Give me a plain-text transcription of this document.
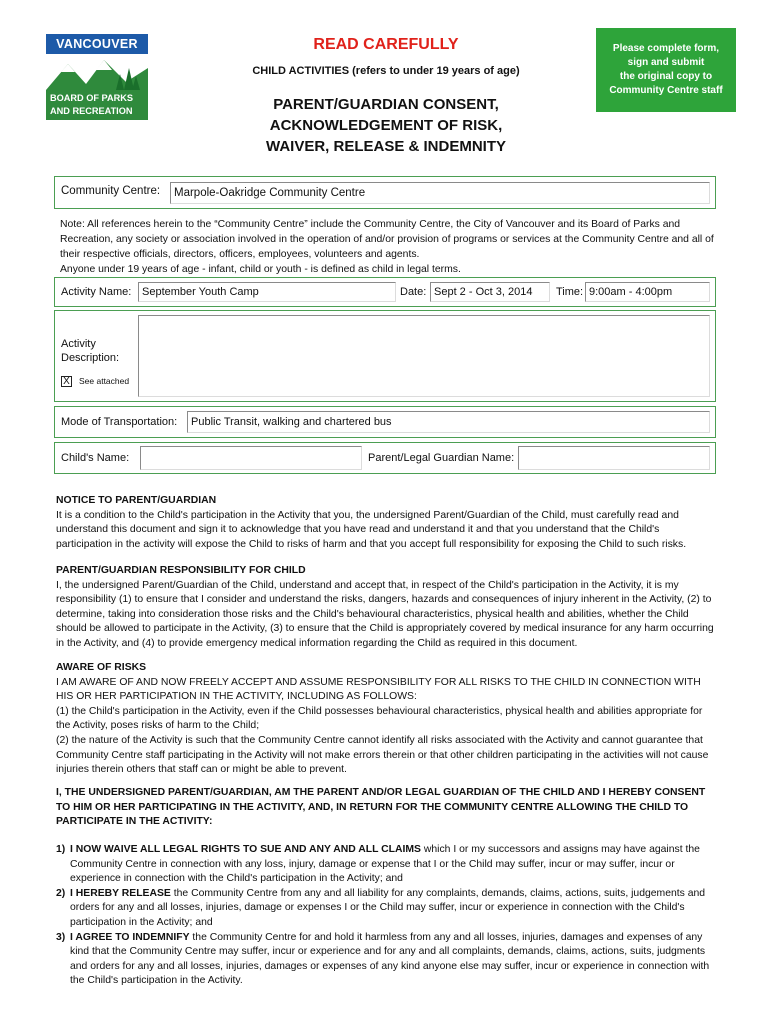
VANCOUVER
BOARD OF PARKS
AND RECREATION
READ CAREFULLY
CHILD ACTIVITIES (refers to under 19 years of age)
PARENT/GUARDIAN CONSENT,
ACKNOWLEDGEMENT OF RISK,
WAIVER, RELEASE & INDEMNITY
Please complete form,
sign and submit
the original copy to
Community Centre staff
Community Centre:	Marpole-Oakridge Community Centre
Note: All references herein to the “Community Centre” include the Community Centre, the City of Vancouver and its Board of Parks and Recreation, any society or association involved in the operation of and/or provision of programs or services at the Community Centre and all of their respective officials, directors, officers, employees, volunteers and agents.
Anyone under 19 years of age - infant, child or youth - is defined as child in legal terms.
Activity Name: September Youth Camp	Date: Sept 2 - Oct 3, 2014	Time: 9:00am - 4:00pm
Activity
Description:
X See attached
Mode of Transportation:	Public Transit, walking and chartered bus
Child's Name:	Parent/Legal Guardian Name:
NOTICE TO PARENT/GUARDIAN

It is a condition to the Child's participation in the Activity that you, the undersigned Parent/Guardian of the Child, must carefully read and understand this document and sign it to acknowledge that you have read and understand it and that you understand that the Child's participation in the activity will expose the Child to risks of harm and that you accept full responsibility for exposing the Child to such risks.

PARENT/GUARDIAN RESPONSIBILITY FOR CHILD

I, the undersigned Parent/Guardian of the Child, understand and accept that, in respect of the Child's participation in the Activity, it is my responsibility (1) to ensure that I consider and understand the risks, dangers, hazards and consequences of injury inherent in the Activity, (2) to determine, taking into consideration those risks and the Child's behavioural characteristics, physical health and abilities, whether the Child should be allowed to participate in the Activity, (3) to ensure that the Child is appropriately covered by medical insurance for any harm occurring in the Activity, and (4) to provide emergency medical information regarding the Child as required in this document.

AWARE OF RISKS

I AM AWARE OF AND NOW FREELY ACCEPT AND ASSUME RESPONSIBILITY FOR ALL RISKS TO THE CHILD IN CONNECTION WITH HIS OR HER PARTICIPATION IN THE ACTIVITY, INCLUDING AS FOLLOWS:

(1) the Child's participation in the Activity, even if the Child possesses behavioural characteristics, physical health and abilities appropriate for the Activity, poses risks of harm to the Child;

(2) the nature of the Activity is such that the Community Centre cannot identify all risks associated with the Activity and cannot guarantee that Community Centre staff participating in the Activity will not make errors therein or that other children participating in the activities will not cause injuries therein others that staff can or might be able to prevent.

I, THE UNDERSIGNED PARENT/GUARDIAN, AM THE PARENT AND/OR LEGAL GUARDIAN OF THE CHILD AND I HEREBY CONSENT TO HIM OR HER PARTICIPATING IN THE ACTIVITY, AND, IN RETURN FOR THE COMMUNITY CENTRE ALLOWING THE CHILD TO PARTICIPATE IN THE ACTIVITY:

1) I NOW WAIVE ALL LEGAL RIGHTS TO SUE AND ANY AND ALL CLAIMS which I or my successors and assigns may have against the Community Centre in connection with any loss, injury, damage or expense that I or the Child may suffer, incur or may suffer, incur or experience in connection with the Child's participation in the Activity; and
2) I HEREBY RELEASE the Community Centre from any and all liability for any complaints, demands, claims, actions, suits, judgements and orders for any and all losses, injuries, damage or expenses I or the Child may suffer, incur or experience in connection with the Child's participation in the Activity; and
3) I AGREE TO INDEMNIFY the Community Centre for and hold it harmless from any and all losses, injuries, damages and expenses of any kind that the Community Centre may suffer, incur or experience and for any and all complaints, demands, claims, actions, suits, judgments and orders for any and all losses, injuries, damages or expenses of any kind anyone else may suffer, incur or experience in connection with the Child's participation in the Activity.
